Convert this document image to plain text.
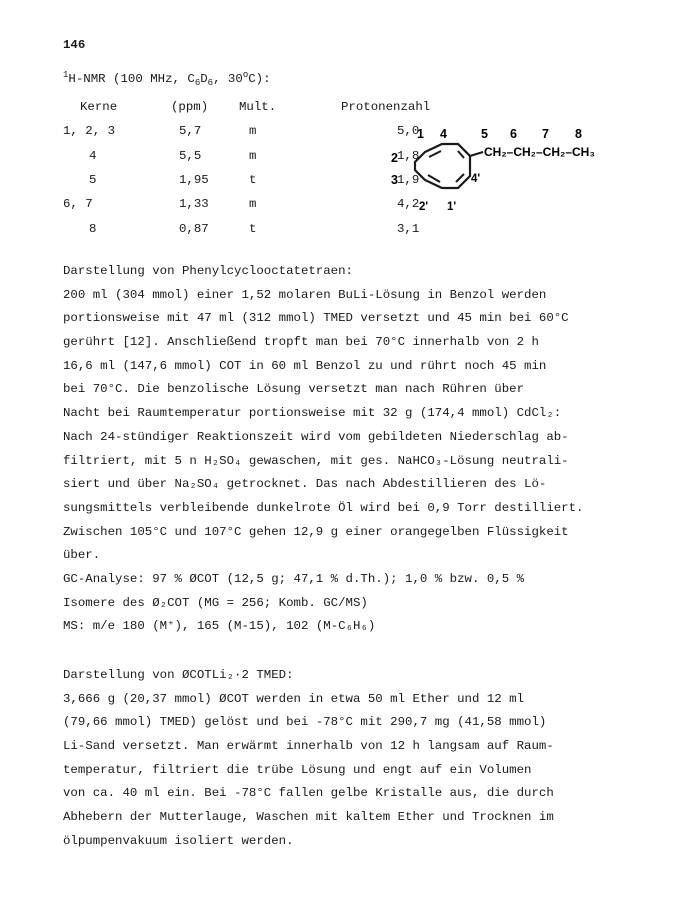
146
$^1$H-NMR (100 MHz, $C_6D_6$, 30$^o$C):
Kerne	(ppm)	Mult.	Protonenzahl
1, 2, 3	5,7	m	5,0
4	5,5	m	1,8
5	1,95	t	1,9
6, 7	1,33	m	4,2
8	0,87	t	3,1
1 4	5 6 7 8
2
3	4'
2' 1'
CH₂–CH₂–CH₂–CH₃
Darstellung von Phenylcyclooctatetraen:
200 ml (304 mmol) einer 1,52 molaren BuLi-Lösung in Benzol werden
portionsweise mit 47 ml (312 mmol) TMED versetzt und 45 min bei 60°C
gerührt [12]. Anschließend tropft man bei 70°C innerhalb von 2 h
16,6 ml (147,6 mmol) COT in 60 ml Benzol zu und rührt noch 45 min
bei 70°C. Die benzolische Lösung versetzt man nach Rühren über
Nacht bei Raumtemperatur portionsweise mit 32 g (174,4 mmol) CdCl₂:
Nach 24-stündiger Reaktionszeit wird vom gebildeten Niederschlag ab-
filtriert, mit 5 n H₂SO₄ gewaschen, mit ges. NaHCO₃-Lösung neutrali-
siert und über Na₂SO₄ getrocknet. Das nach Abdestillieren des Lö-
sungsmittels verbleibende dunkelrote Öl wird bei 0,9 Torr destilliert.
Zwischen 105°C und 107°C gehen 12,9 g einer orangegelben Flüssigkeit
über.
GC-Analyse: 97 % ØCOT (12,5 g; 47,1 % d.Th.); 1,0 % bzw. 0,5 %
Isomere des Ø₂COT (MG = 256; Komb. GC/MS)
MS: m/e 180 (M⁺), 165 (M-15), 102 (M-C₆H₆)
Darstellung von ØCOTLi₂·2 TMED:
3,666 g (20,37 mmol) ØCOT werden in etwa 50 ml Ether und 12 ml
(79,66 mmol) TMED) gelöst und bei -78°C mit 290,7 mg (41,58 mmol)
Li-Sand versetzt. Man erwärmt innerhalb von 12 h langsam auf Raum-
temperatur, filtriert die trübe Lösung und engt auf ein Volumen
von ca. 40 ml ein. Bei -78°C fallen gelbe Kristalle aus, die durch
Abhebern der Mutterlauge, Waschen mit kaltem Ether und Trocknen im
ölpumpenvakuum isoliert werden.
